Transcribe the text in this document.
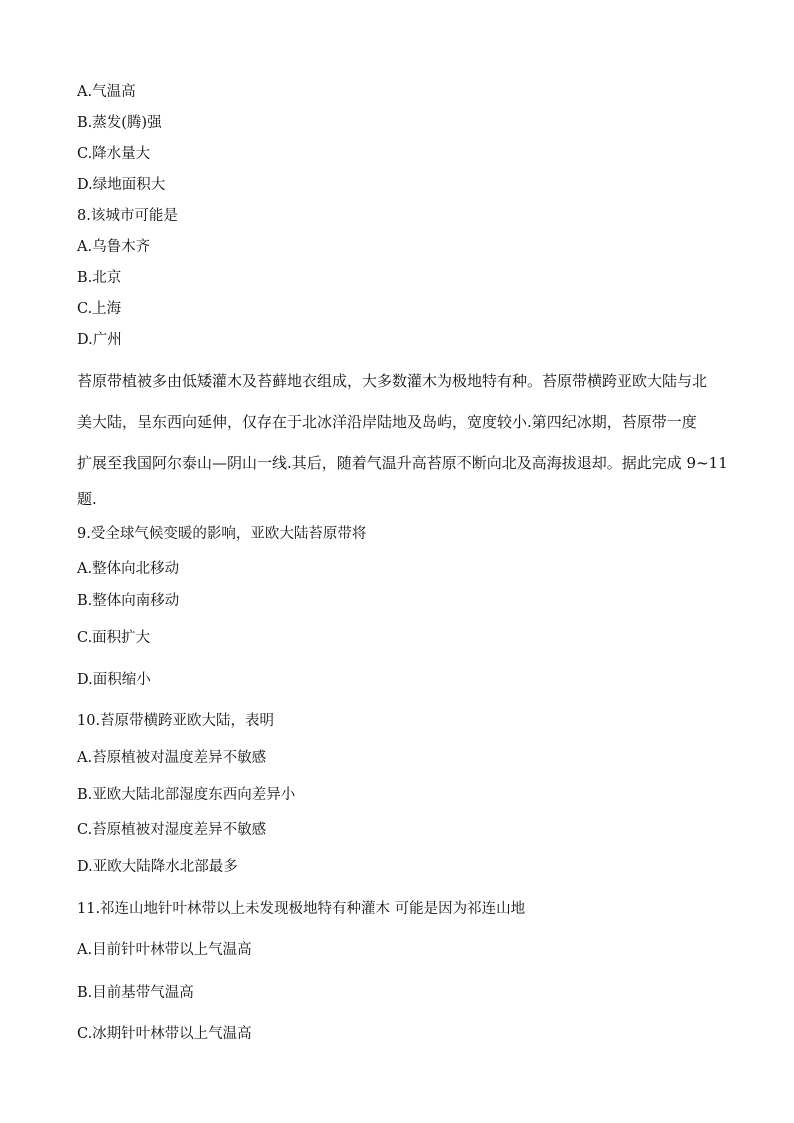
A.气温高
B.蒸发(腾)强
C.降水量大
D.绿地面积大
8.该城市可能是
A.乌鲁木齐
B.北京
C.上海
D.广州
苔原带植被多由低矮灌木及苔藓地衣组成，大多数灌木为极地特有种。苔原带横跨亚欧大陆与北
美大陆，呈东西向延伸，仅存在于北冰洋沿岸陆地及岛屿，宽度较小.第四纪冰期，苔原带一度
扩展至我国阿尔泰山—阴山一线.其后，随着气温升高苔原不断向北及高海拔退却。据此完成 9~11
题.
9.受全球气候变暖的影响，亚欧大陆苔原带将
A.整体向北移动
B.整体向南移动
C.面积扩大
D.面积缩小
10.苔原带横跨亚欧大陆，表明
A.苔原植被对温度差异不敏感
B.亚欧大陆北部湿度东西向差异小
C.苔原植被对湿度差异不敏感
D.亚欧大陆降水北部最多
11.祁连山地针叶林带以上未发现极地特有种灌木 可能是因为祁连山地
A.目前针叶林带以上气温高
B.目前基带气温高
C.冰期针叶林带以上气温高
